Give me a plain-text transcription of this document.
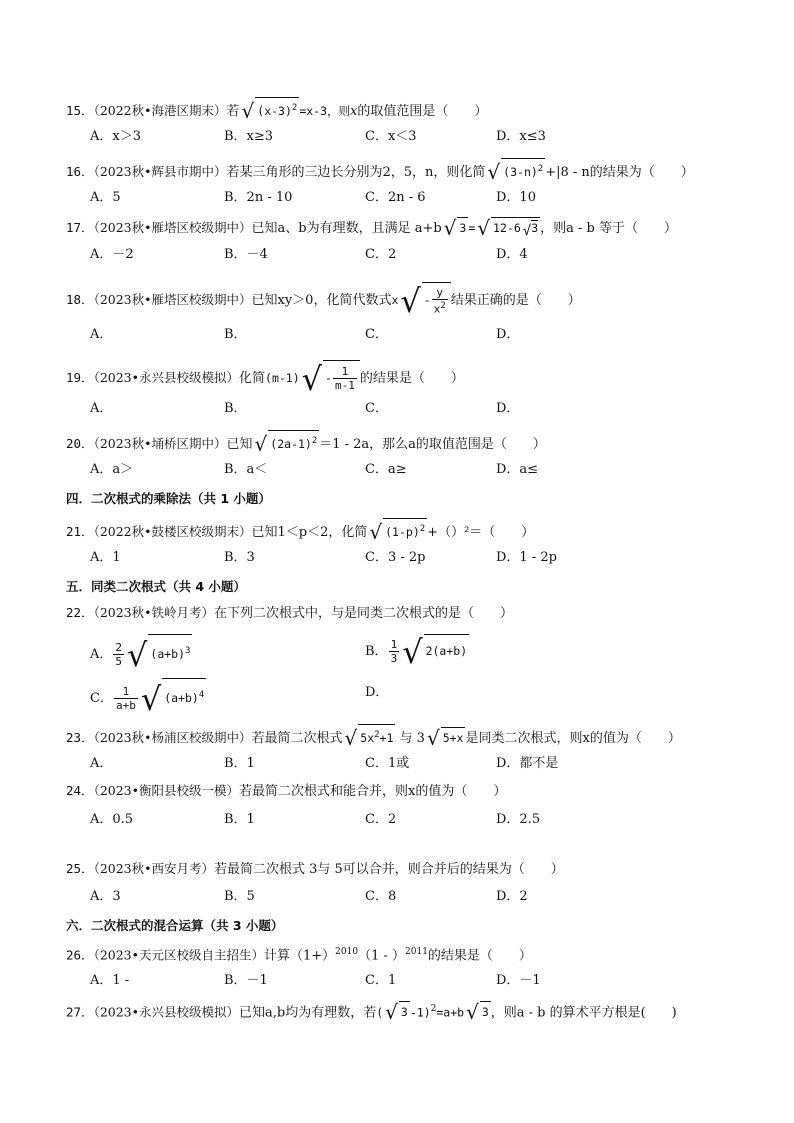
15．（2022秋•海港区期末）若 √ $(x-3)^2 =x-3$，则x的取值范围是（　　）
A．x＞3	B．x≥3	C．x＜3	D．x≤3
16．（2023秋•辉县市期中）若某三角形的三边长分别为2，5，n，则化简 √ $(3-n)^2 +|8 - n$的结果为（　　）
A．5	B．2n - 10	C．2n - 6	D．10
17．（2023秋•雁塔区校级期中）已知a、b为有理数，且满足 a+b √ 3 = √ 12-6 √3 ，则a - b 等于（　　）
A．－2	B．－4	C．2	D．4
18．（2023秋•雁塔区校级期中）已知xy＞0，化简代数式$x√ - \frac{y}{x^2}$ 结果正确的是（　　）
A．	B．	C．	D．
19．（2023•永兴县校级模拟）化简$(m-1)√ - \frac{1}{m-1}$ 的结果是（　　）
A．	B．	C．	D．
20．（2023秋•埇桥区期中）已知 √ $(2a-1)^2 =1 - 2a$，那么a的取值范围是（　　）
A．a＞	B．a＜	C．a≥	D．a≤
四．二次根式的乘除法（共 1 小题）
21．（2022秋•鼓楼区校级期末）已知1＜p＜2，化简 √ $(1-p)^2 +()^2=$（　　）
A．1	B．3	C．3 - 2p	D．1 - 2p
五．同类二次根式（共 4 小题）
22．（2023秋•铁岭月考）在下列二次根式中，与是同类二次根式的是（　　）
A． $\frac{2}{5}$ √ $(a+b)^3$	B． $\frac{1}{3}$ √ 2(a+b)
C． $\frac{1}{a+b}$ √ $(a+b)^4$	D．
23．（2023秋•杨浦区校级期中）若最简二次根式 √ $5x^2+1$ 与 3 √ 5+x 是同类二次根式，则x的值为（　　）
A．	B．1	C．1或	D．都不是
24．（2023•衡阳县校级一模）若最简二次根式和能合并，则x的值为（　　）
A．0.5	B．1	C．2	D．2.5
25．（2023秋•西安月考）若最简二次根式 3与 5可以合并，则合并后的结果为（　　）
A．3	B．5	C．8	D．2
六．二次根式的混合运算（共 3 小题）
26．（2023•天元区校级自主招生）计算$(1+)^{2010}(1 - )^{2011}$的结果是（　　）
A．1 -	B．－1	C．1	D．－1
27．（2023•永兴县校级模拟）已知a,b均为有理数，若( √ 3 -1)$^2$=a+b √ 3 ，则a - b 的算术平方根是(　　)
